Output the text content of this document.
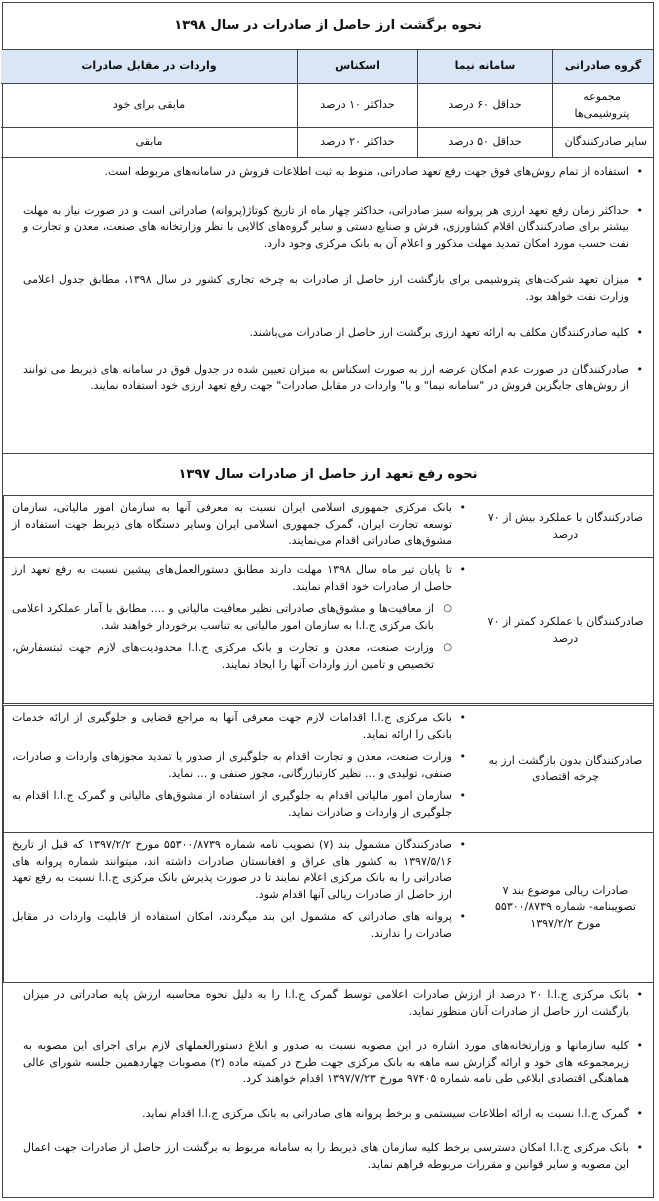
نحوه برگشت ارز حاصل از صادرات در سال ۱۳۹۸
گروه صادراتی
سامانه نیما
اسکناس
واردات در مقابل صادرات
مجموعه پتروشیمی‌ها
حداقل ۶۰ درصد
حداکثر ۱۰ درصد
مابقی برای خود
سایر صادرکنندگان
حداقل ۵۰ درصد
حداکثر ۲۰ درصد
مابقی
• استفاده از تمام روش‌های فوق جهت رفع تعهد صادراتی، منوط به ثبت اطلاعات فروش در سامانه‌های مربوطه است.
• حداکثر زمان رفع تعهد ارزی هر پروانه سبز صادراتی، حداکثر چهار ماه از تاریخ کوتاژ(پروانه) صادراتی است و در صورت نیاز به مهلت بیشتر برای صادرکنندگان اقلام کشاورزی، فرش و صنایع دستی و سایر گروه‌های کالایی با نظر وزارتخانه های صنعت، معدن و تجارت و نفت حسب مورد امکان تمدید مهلت مذکور و اعلام آن به بانک مرکزی وجود دارد.
• میزان تعهد شرکت‌های پتروشیمی برای بازگشت ارز حاصل از صادرات به چرخه تجاری کشور در سال ۱۳۹۸، مطابق جدول اعلامی وزارت نفت خواهد بود.
• کلیه صادرکنندگان مکلف به ارائه تعهد ارزی برگشت ارز حاصل از صادرات می‌باشند.
• صادرکنندگان در صورت عدم امکان عرضه ارز به صورت اسکناس به میزان تعیین شده در جدول فوق در سامانه های ذیربط می توانند از روش‌های جایگزین فروش در "سامانه نیما" و یا" واردات در مقابل صادرات" جهت رفع تعهد ارزی خود استفاده نمایند.
نحوه رفع تعهد ارز حاصل از صادرات سال ۱۳۹۷
صادرکنندگان با عملکرد بیش از ۷۰ درصد
• بانک مرکزی جمهوری اسلامی ایران نسبت به معرفی آنها به سازمان امور مالیاتی، سازمان توسعه تجارت ایران، گمرک جمهوری اسلامی ایران وسایر دستگاه های ذیربط جهت استفاده از مشوق‌های صادراتی اقدام می‌نمایند.
صادرکنندگان با عملکرد کمتر از ۷۰ درصد
• تا پایان تیر ماه سال ۱۳۹۸ مهلت دارند مطابق دستورالعمل‌های پیشین نسبت به رفع تعهد ارز حاصل از صادرات خود اقدام نمایند.
○ از معافیت‌ها و مشوق‌های صادراتی نظیر معافیت مالیاتی و .... مطابق با آمار عملکرد اعلامی بانک مرکزی ج.ا.ا به سازمان امور مالیاتی به تناسب برخوردار خواهند شد.
○ وزارت صنعت، معدن و تجارت و بانک مرکزی ج.ا.ا محدودیت‌های لازم جهت ثبتسفارش، تخصیص و تامین ارز واردات آنها را ایجاد نمایند.
صادرکنندگان بدون بازگشت ارز به چرخه اقتصادی
• بانک مرکزی ج.ا.ا اقدامات لازم جهت معرفی آنها به مراجع قضایی و جلوگیری از ارائه خدمات بانکی را ارائه نماید.
• وزارت صنعت، معدن و تجارت اقدام به جلوگیری از صدور یا تمدید مجوزهای واردات و صادرات، صنفی، تولیدی و ... نظیر کارتبازرگانی، مجوز صنفی و ... نماید.
• سازمان امور مالیاتی اقدام به جلوگیری از استفاده از مشوق‌های مالیاتی و گمرک ج.ا.ا اقدام به جلوگیری از واردات و صادرات نماید.
صادرات ریالی موضوع بند ۷ تصویبنامه- شماره ۵۵۳۰۰/۸۷۳۹ مورخ ۱۳۹۷/۲/۲
• صادرکنندگان مشمول بند (۷) تصویب نامه شماره ۵۵۳۰۰/۸۷۳۹ مورخ ۱۳۹۷/۲/۲ که قبل از تاریخ ۱۳۹۷/۵/۱۶ به کشور های عراق و افغانستان صادرات داشته اند، میتوانند شماره پروانه های صادراتی را به بانک مرکزی اعلام نمایند تا در صورت پذیرش بانک مرکزی ج.ا.ا نسبت به رفع تعهد ارز حاصل از صادرات ریالی آنها اقدام شود.
• پروانه های صادراتی که مشمول این بند میگردند، امکان استفاده از قابلیت واردات در مقابل صادرات را ندارند.
• بانک مرکزی ج.ا.ا ۲۰ درصد از ارزش صادرات اعلامی توسط گمرک ج.ا.ا را به دلیل نحوه محاسبه ارزش پایه صادراتی در میزان بازگشت ارز حاصل از صادرات آنان منظور نماید.
• کلیه سازمانها و وزارتخانه‌های مورد اشاره در این مصوبه نسبت به صدور و ابلاغ دستورالعملهای لازم برای اجرای این مصوبه به زیرمجموعه های خود و ارائه گزارش سه ماهه به بانک مرکزی جهت طرح در کمیته ماده (۲) مصوبات چهاردهمین جلسه شورای عالی هماهنگی اقتصادی ابلاغی طی نامه شماره ۹۷۴۰۵ مورخ ۱۳۹۷/۷/۲۳ اقدام خواهند کرد.
• گمرک ج.ا.ا نسبت به ارائه اطلاعات سیستمی و برخط پروانه های صادراتی به بانک مرکزی ج.ا.ا اقدام نماید.
• بانک مرکزی ج.ا.ا امکان دسترسی برخط کلیه سازمان های ذیربط را به سامانه مربوط به برگشت ارز حاصل از صادرات جهت اعمال این مصوبه و سایر قوانین و مقررات مربوطه فراهم نماید.
